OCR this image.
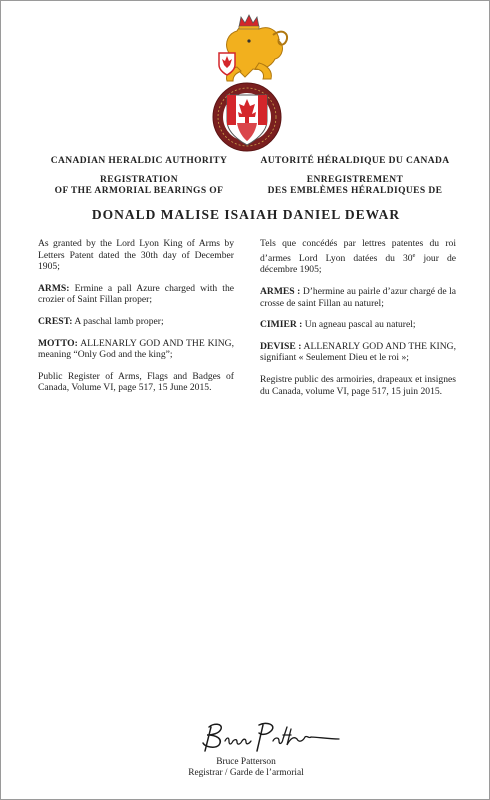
CANADIAN HERALDIC AUTHORITY
REGISTRATION
OF THE ARMORIAL BEARINGS OF
AUTORITÉ HÉRALDIQUE DU CANADA
ENREGISTREMENT
DES EMBLÈMES HÉRALDIQUES DE
DONALD MALISE ISAIAH DANIEL DEWAR

As granted by the Lord Lyon King of Arms by Letters Patent dated the 30th day of December 1905;

ARMS: Ermine a pall Azure charged with the crozier of Saint Fillan proper;

CREST: A paschal lamb proper;

MOTTO: ALLENARLY GOD AND THE KING, meaning “Only God and the king”;

Public Register of Arms, Flags and Badges of Canada, Volume VI, page 517, 15 June 2015.

Tels que concédés par lettres patentes du roi d’armes Lord Lyon datées du 30e jour de décembre 1905;

ARMES : D’hermine au pairle d’azur chargé de la crosse de saint Fillan au naturel;

CIMIER : Un agneau pascal au naturel;

DEVISE : ALLENARLY GOD AND THE KING, signifiant « Seulement Dieu et le roi »;

Registre public des armoiries, drapeaux et insignes du Canada, volume VI, page 517, 15 juin 2015.

Bruce Patterson
Registrar / Garde de l’armorial
